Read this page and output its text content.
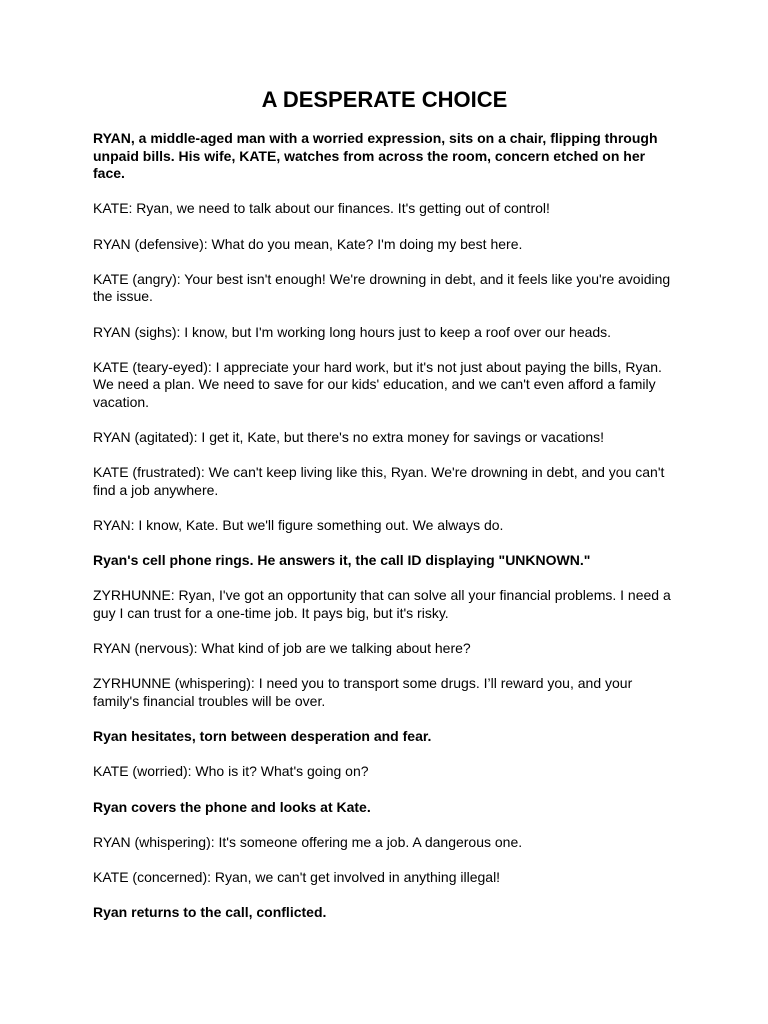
A DESPERATE CHOICE

RYAN, a middle-aged man with a worried expression, sits on a chair, flipping through unpaid bills. His wife, KATE, watches from across the room, concern etched on her face.

KATE: Ryan, we need to talk about our finances. It's getting out of control!

RYAN (defensive): What do you mean, Kate? I'm doing my best here.

KATE (angry): Your best isn't enough! We're drowning in debt, and it feels like you're avoiding the issue.

RYAN (sighs): I know, but I'm working long hours just to keep a roof over our heads.

KATE (teary-eyed): I appreciate your hard work, but it's not just about paying the bills, Ryan. We need a plan. We need to save for our kids' education, and we can't even afford a family vacation.

RYAN (agitated): I get it, Kate, but there's no extra money for savings or vacations!

KATE (frustrated): We can't keep living like this, Ryan. We're drowning in debt, and you can't find a job anywhere.

RYAN: I know, Kate. But we'll figure something out. We always do.

Ryan's cell phone rings. He answers it, the call ID displaying "UNKNOWN."

ZYRHUNNE: Ryan, I've got an opportunity that can solve all your financial problems. I need a guy I can trust for a one-time job. It pays big, but it's risky.

RYAN (nervous): What kind of job are we talking about here?

ZYRHUNNE (whispering): I need you to transport some drugs. I’ll reward you, and your family's financial troubles will be over.

Ryan hesitates, torn between desperation and fear.

KATE (worried): Who is it? What's going on?

Ryan covers the phone and looks at Kate.

RYAN (whispering): It's someone offering me a job. A dangerous one.

KATE (concerned): Ryan, we can't get involved in anything illegal!

Ryan returns to the call, conflicted.
